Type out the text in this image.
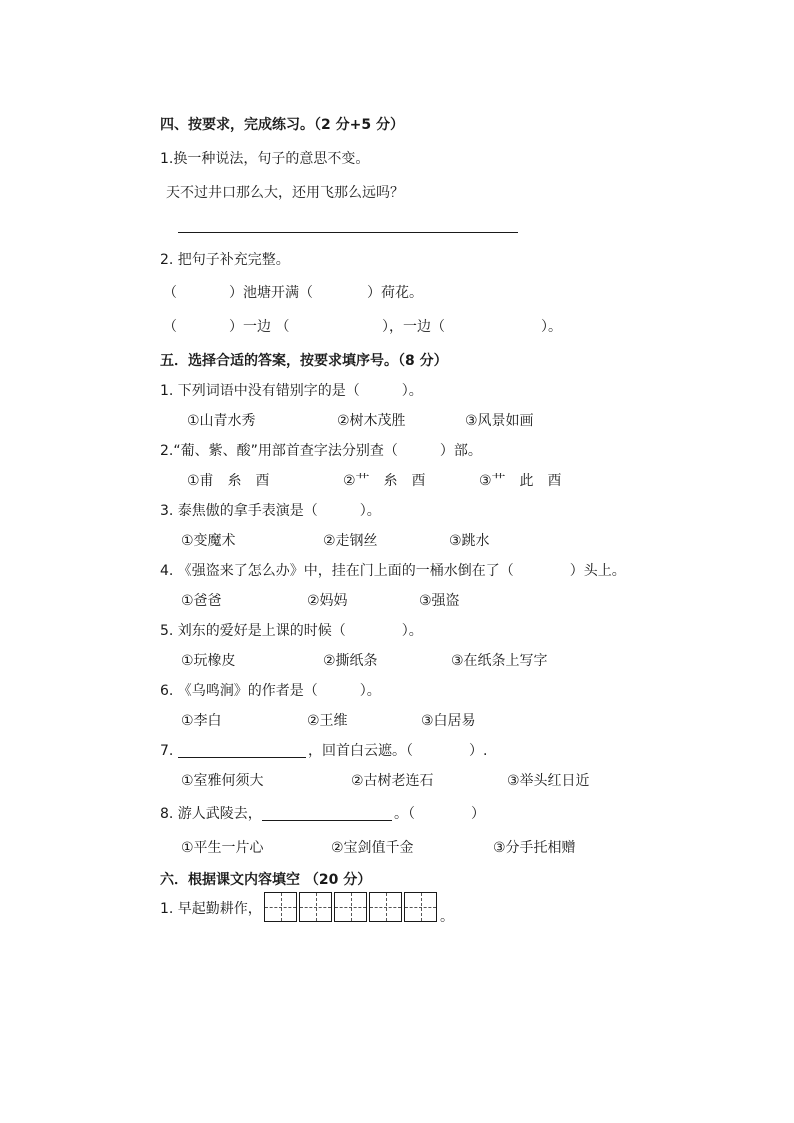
四、按要求，完成练习。（2 分+5 分）
1.换一种说法，句子的意思不变。
天不过井口那么大，还用飞那么远吗？
2. 把句子补充完整。
（	）池塘开满（	）荷花。
（	）一边 （	），一边（	）。
五．选择合适的答案，按要求填序号。（8 分）
1. 下列词语中没有错别字的是（　　　）。
①山青水秀	②树木茂胜	③风景如画
2.“葡、紫、酸”用部首查字法分别查（　　　）部。
①甫　糸　酉	②艹　糸　酉	③艹　此　酉
3. 泰焦傲的拿手表演是（　　　）。
①变魔术	②走钢丝	③跳水
4. 《强盗来了怎么办》中，挂在门上面的一桶水倒在了（　　　　）头上。
①爸爸	②妈妈	③强盗
5. 刘东的爱好是上课的时候（　　　　）。
①玩橡皮	②撕纸条	③在纸条上写字
6. 《乌鸣涧》的作者是（　　　）。
①李白	②王维	③白居易
7.	，回首白云遮。（　　　　）.
①室雅何须大	②古树老连石	③举头红日近
8. 游人武陵去，	。（　　　　）
①平生一片心	②宝剑值千金	③分手托相赠
六．根据课文内容填空 （20 分）
1. 早起勤耕作，	。
